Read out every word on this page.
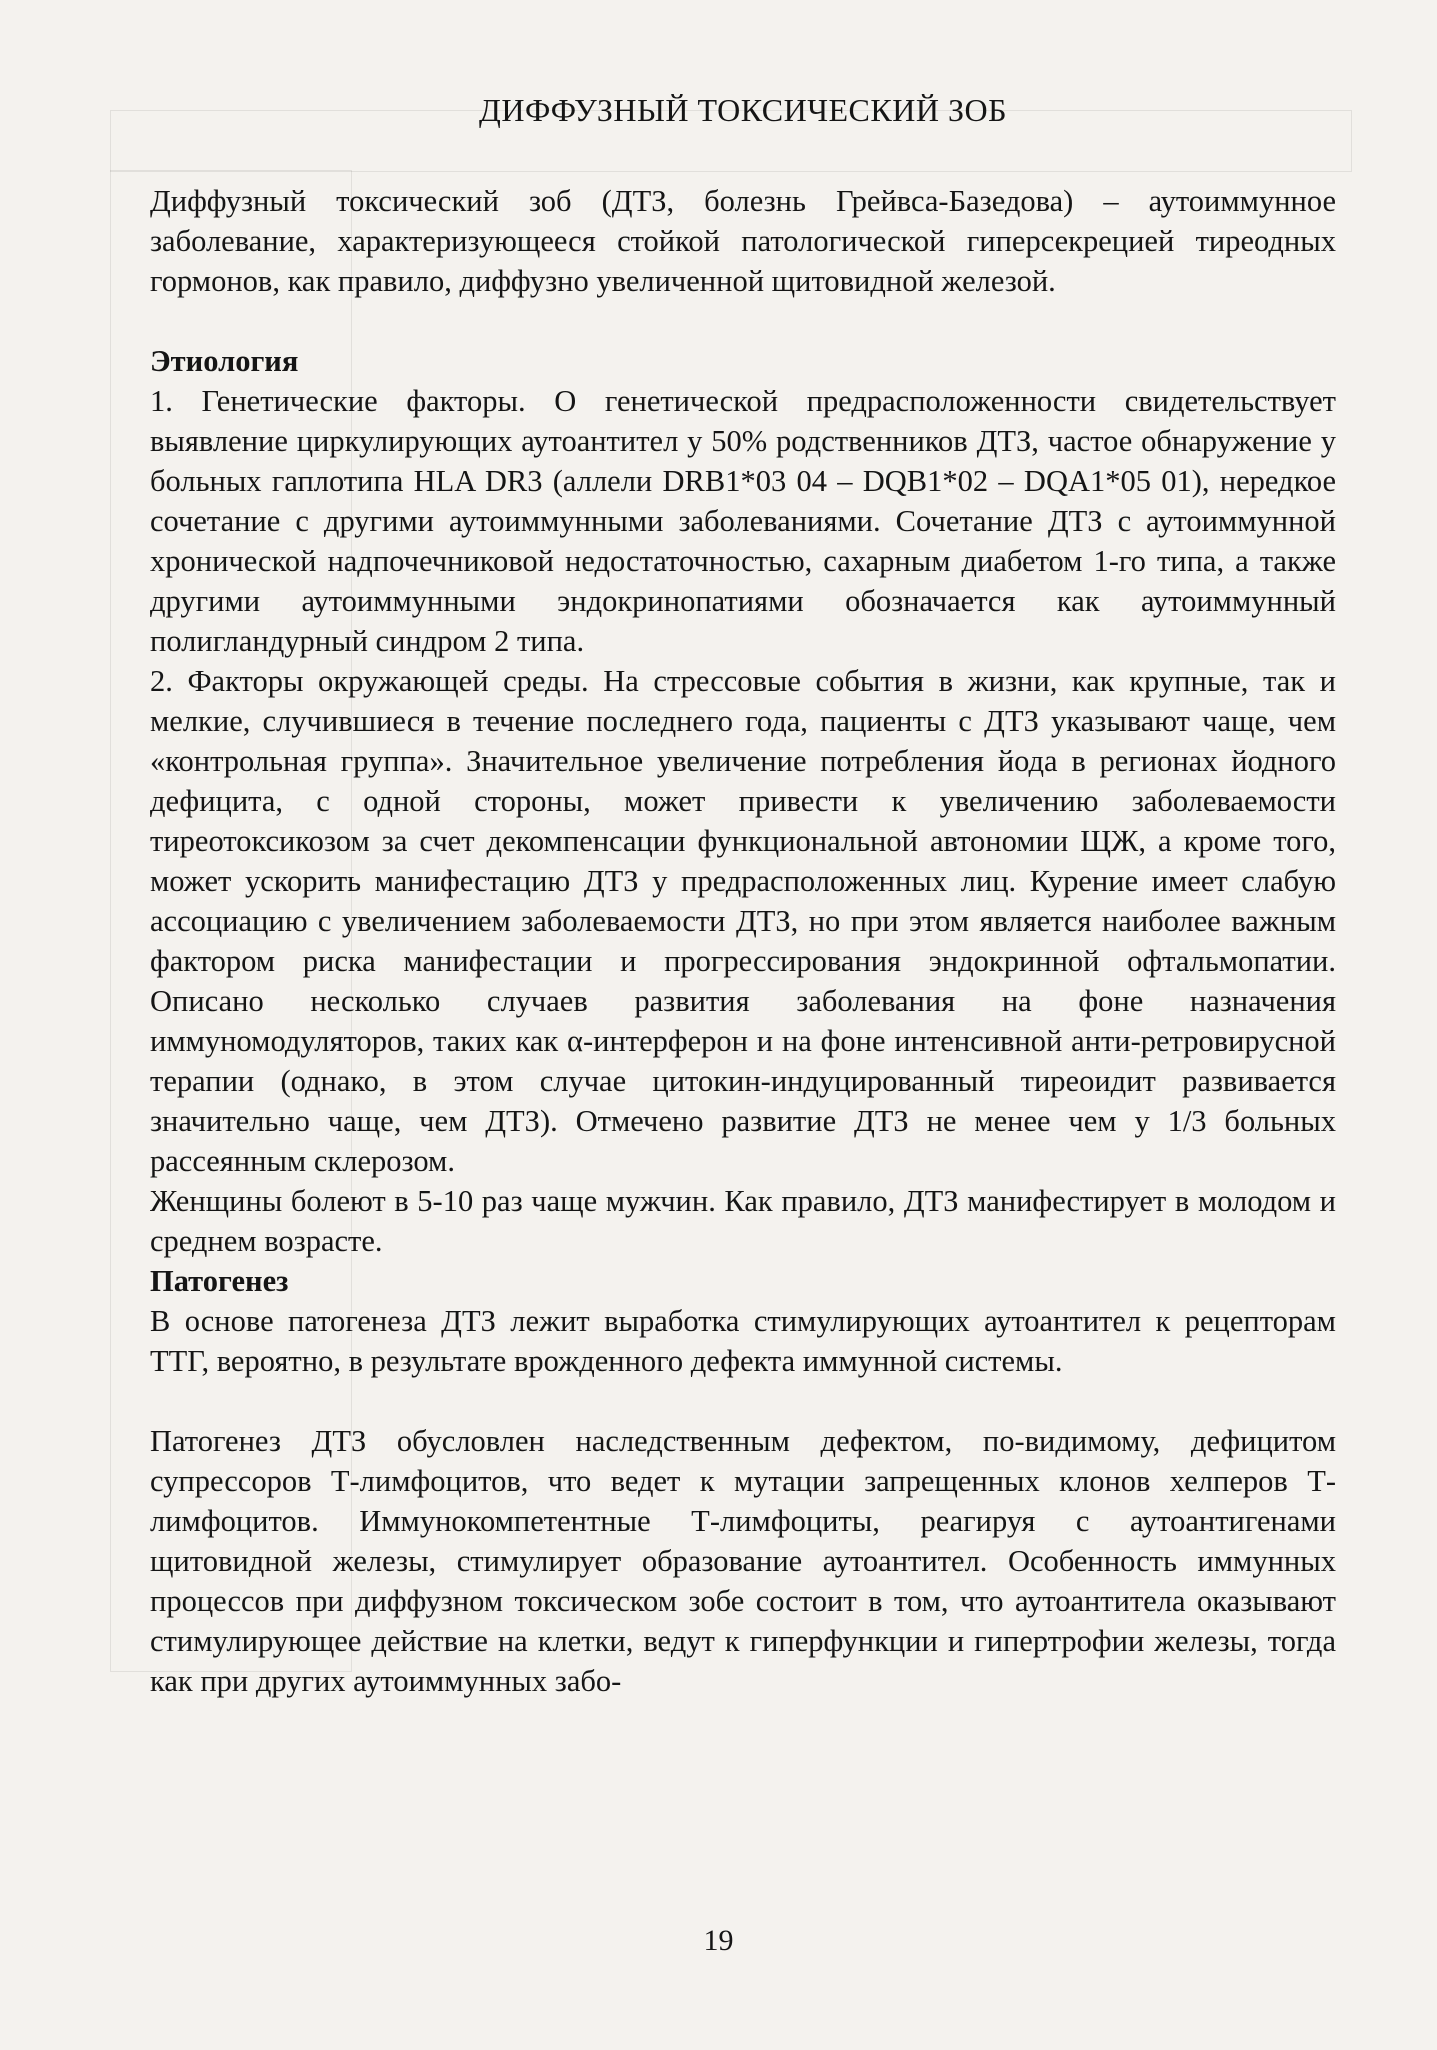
ДИФФУЗНЫЙ ТОКСИЧЕСКИЙ ЗОБ

Диффузный токсический зоб (ДТЗ, болезнь Грейвса-Базедова) – аутоиммунное заболевание, характеризующееся стойкой патологической гиперсекрецией тиреодных гормонов, как правило, диффузно увеличенной щитовидной железой.

Этиология

1. Генетические факторы. О генетической предрасположенности свидетельствует выявление циркулирующих аутоантител у 50% родственников ДТЗ, частое обнаружение у больных гаплотипа HLA DR3 (аллели DRB1*03 04 – DQB1*02 – DQA1*05 01), нередкое сочетание с другими аутоиммунными заболеваниями. Сочетание ДТЗ с аутоиммунной хронической надпочечниковой недостаточностью, сахарным диабетом 1-го типа, а также другими аутоиммунными эндокринопатиями обозначается как аутоиммунный полигландурный синдром 2 типа.

2. Факторы окружающей среды. На стрессовые события в жизни, как крупные, так и мелкие, случившиеся в течение последнего года, пациенты с ДТЗ указывают чаще, чем «контрольная группа». Значительное увеличение потребления йода в регионах йодного дефицита, с одной стороны, может привести к увеличению заболеваемости тиреотоксикозом за счет декомпенсации функциональной автономии ЩЖ, а кроме того, может ускорить манифестацию ДТЗ у предрасположенных лиц. Курение имеет слабую ассоциацию с увеличением заболеваемости ДТЗ, но при этом является наиболее важным фактором риска манифестации и прогрессирования эндокринной офтальмопатии. Описано несколько случаев развития заболевания на фоне назначения иммуномодуляторов, таких как α-интерферон и на фоне интенсивной анти-ретровирусной терапии (однако, в этом случае цитокин-индуцированный тиреоидит развивается значительно чаще, чем ДТЗ). Отмечено развитие ДТЗ не менее чем у 1/3 больных рассеянным склерозом.

Женщины болеют в 5-10 раз чаще мужчин. Как правило, ДТЗ манифестирует в молодом и среднем возрасте.

Патогенез

В основе патогенеза ДТЗ лежит выработка стимулирующих аутоантител к рецепторам ТТГ, вероятно, в результате врожденного дефекта иммунной системы.

Патогенез ДТЗ обусловлен наследственным дефектом, по-видимому, дефицитом супрессоров Т-лимфоцитов, что ведет к мутации запрещенных клонов хелперов Т-лимфоцитов. Иммунокомпетентные Т-лимфоциты, реагируя с аутоантигенами щитовидной железы, стимулирует образование аутоантител. Особенность иммунных процессов при диффузном токсическом зобе состоит в том, что аутоантитела оказывают стимулирующее действие на клетки, ведут к гиперфункции и гипертрофии железы, тогда как при других аутоиммунных забо-

19
